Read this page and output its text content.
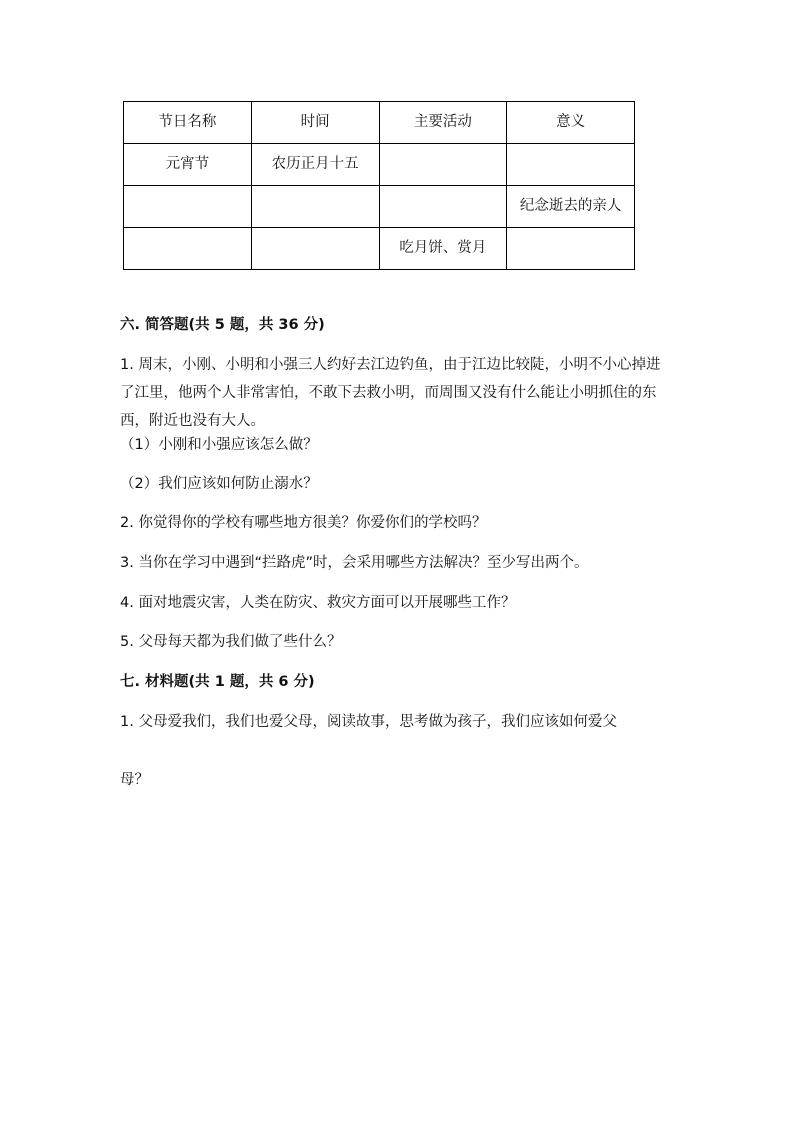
节日名称	时间	主要活动	意义
元宵节	农历正月十五		
			纪念逝去的亲人
		吃月饼、赏月	
六. 简答题(共 5 题，共 36 分)
1. 周末，小刚、小明和小强三人约好去江边钓鱼，由于江边比较陡，小明不小心掉进了江里，他两个人非常害怕，不敢下去救小明，而周围又没有什么能让小明抓住的东西，附近也没有大人。
（1）小刚和小强应该怎么做？
（2）我们应该如何防止溺水？
2. 你觉得你的学校有哪些地方很美？你爱你们的学校吗？
3. 当你在学习中遇到“拦路虎”时，会采用哪些方法解决？至少写出两个。
4. 面对地震灾害，人类在防灾、救灾方面可以开展哪些工作？
5. 父母每天都为我们做了些什么？
七. 材料题(共 1 题，共 6 分)
1. 父母爱我们，我们也爱父母，阅读故事，思考做为孩子，我们应该如何爱父
母？
